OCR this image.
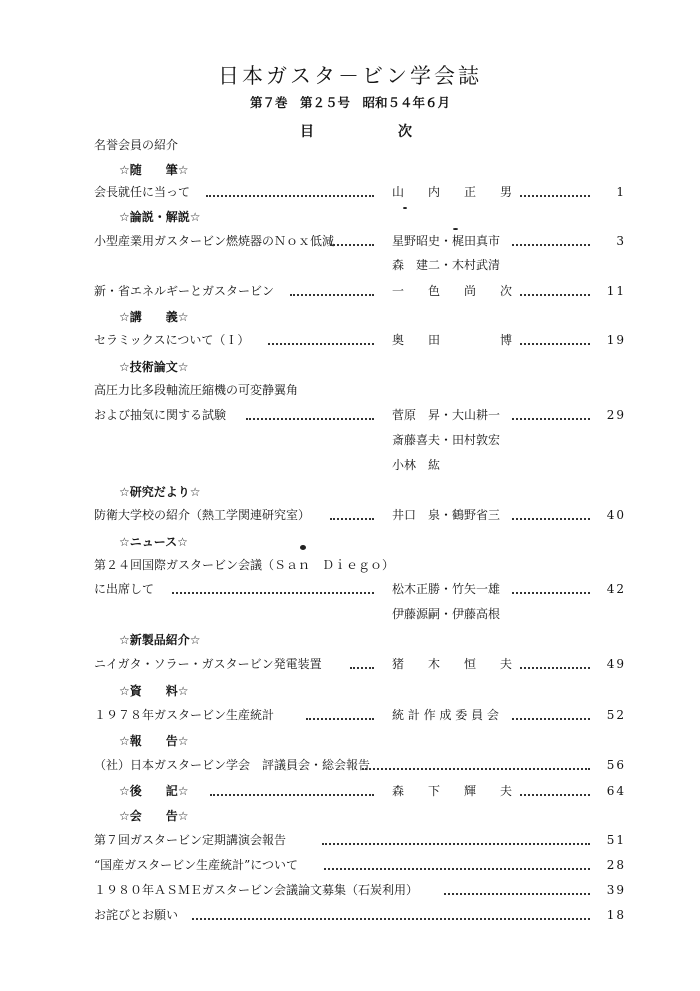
日本ガスタ－ビン学会誌
第７巻　第２５号　昭和５４年６月
目	次
名誉会員の紹介
☆随　　筆☆
会長就任に当って	山　　内　　正　　男	1
☆論説・解説☆
小型産業用ガスタービン燃焼器のＮｏｘ低減	星野昭史・梶田真市	3
森　建二・木村武清
新・省エネルギーとガスタービン	一　　色　　尚　　次	11
☆講　　義☆
セラミックスについて（Ｉ）	奥　　田　　　　　博	19
☆技術論文☆
高圧力比多段軸流圧縮機の可変静翼角
および抽気に関する試験	菅原　昇・大山耕一	29
斎藤喜夫・田村敦宏
小林　紘
☆研究だより☆
防衛大学校の紹介（熱工学関連研究室）	井口　泉・鶴野省三	40
☆ニュース☆
第２４回国際ガスタービン会議（Ｓａｎ　Ｄｉｅｇｏ）
に出席して	松木正勝・竹矢一雄	42
伊藤源嗣・伊藤高根
☆新製品紹介☆
ニイガタ・ソラー・ガスタービン発電装置	猪　　木　　恒　　夫	49
☆資　　料☆
１９７８年ガスタービン生産統計	統 計 作 成 委 員 会	52
☆報　　告☆
（社）日本ガスタービン学会　評議員会・総会報告	56
☆後　　記☆	森　　下　　輝　　夫	64
☆会　　告☆
第７回ガスタービン定期講演会報告	51
“国産ガスタービン生産統計”について	28
１９８０年ＡＳＭＥガスタービン会議論文募集（石炭利用）	39
お詫びとお願い	18
